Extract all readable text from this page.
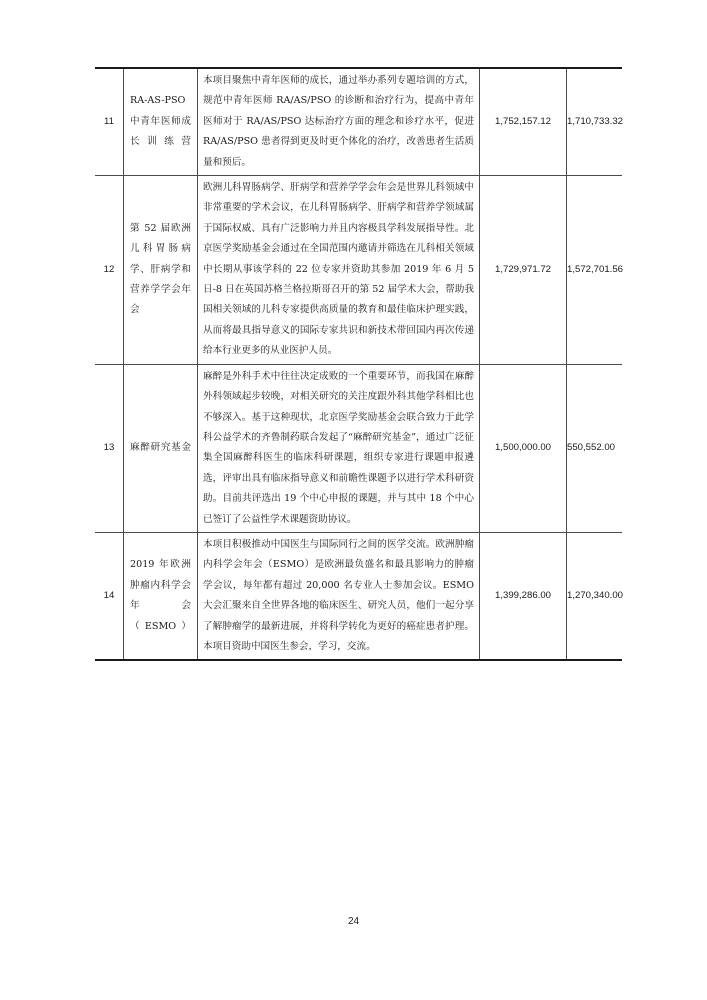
11	RA-AS-PSO 中青年医师成长训练营	本项目聚焦中青年医师的成长，通过举办系列专题培训的方式，规范中青年医师 RA/AS/PSO 的诊断和治疗行为，提高中青年医师对于 RA/AS/PSO 达标治疗方面的理念和诊疗水平，促进 RA/AS/PSO 患者得到更及时更个体化的治疗，改善患者生活质量和预后。	1,752,157.12	1,710,733.32
12	第 52 届欧洲儿科胃肠病学、肝病学和营养学学会年会	欧洲儿科胃肠病学、肝病学和营养学学会年会是世界儿科领域中非常重要的学术会议，在儿科胃肠病学、肝病学和营养学领域属于国际权威、具有广泛影响力并且内容极具学科发展指导性。北京医学奖励基金会通过在全国范围内邀请并筛选在儿科相关领域中长期从事该学科的 22 位专家并资助其参加 2019 年 6 月 5 日-8 日在英国苏格兰格拉斯哥召开的第 52 届学术大会，帮助我国相关领域的儿科专家提供高质量的教育和最佳临床护理实践，从而将最具指导意义的国际专家共识和新技术带回国内再次传递给本行业更多的从业医护人员。	1,729,971.72	1,572,701.56
13	麻醉研究基金	麻醉是外科手术中往往决定成败的一个重要环节，而我国在麻醉外科领域起步较晚，对相关研究的关注度跟外科其他学科相比也不够深入。基于这种现状，北京医学奖励基金会联合致力于此学科公益学术的齐鲁制药联合发起了“麻醉研究基金”，通过广泛征集全国麻醉科医生的临床科研课题，组织专家进行课题申报遴选，评审出具有临床指导意义和前瞻性课题予以进行学术科研资助。目前共评选出 19 个中心申报的课题，并与其中 18 个中心已签订了公益性学术课题资助协议。	1,500,000.00	550,552.00
14	2019 年欧洲肿瘤内科学会年会（ESMO）	本项目积极推动中国医生与国际同行之间的医学交流。欧洲肿瘤内科学会年会（ESMO）是欧洲最负盛名和最具影响力的肿瘤学会议，每年都有超过 20,000 名专业人士参加会议。ESMO 大会汇聚来自全世界各地的临床医生、研究人员，他们一起分享了解肿瘤学的最新进展，并将科学转化为更好的癌症患者护理。本项目资助中国医生参会，学习，交流。	1,399,286.00	1,270,340.00
24
